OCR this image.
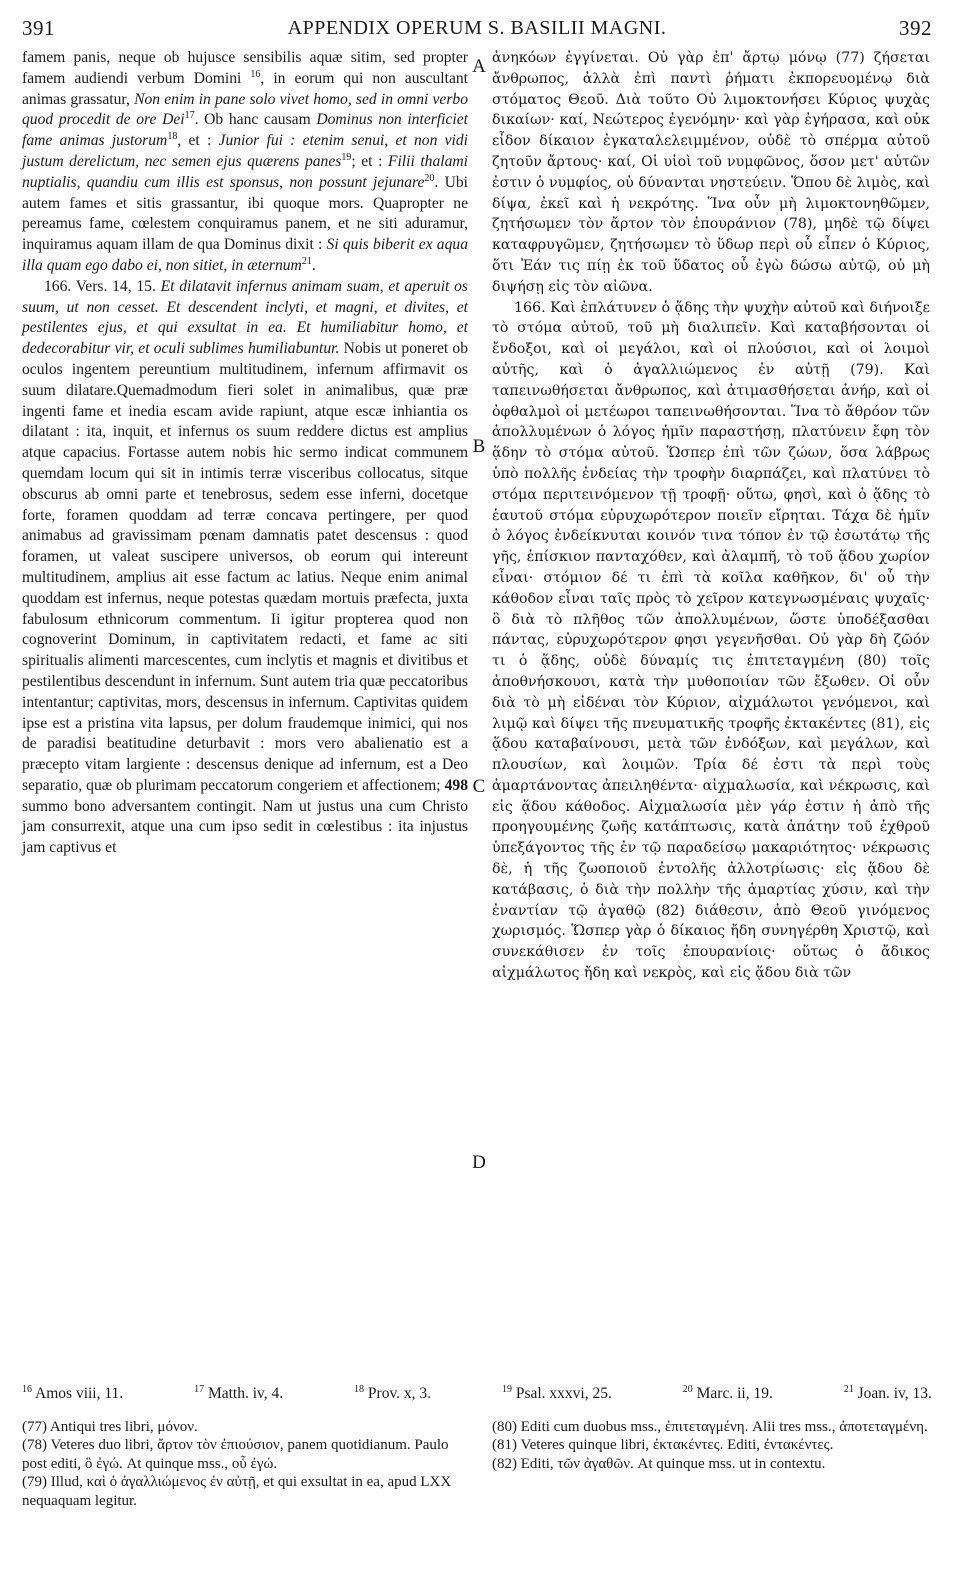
391	APPENDIX OPERUM S. BASILII MAGNI.	392

famem panis, neque ob hujusce sensibilis aquæ sitim, sed propter famem audiendi verbum Domini $^{16}$, in eorum qui non auscultant animas grassatur, Non enim in pane solo vivet homo, sed in omni verbo quod procedit de ore Dei$^{17}$. Ob hanc causam Dominus non interficiet fame animas justorum$^{18}$, et : Junior fui : etenim senui, et non vidi justum derelictum, nec semen ejus quærens panes$^{19}$; et : Filii thalami nuptialis, quandiu cum illis est sponsus, non possunt jejunare$^{20}$. Ubi autem fames et sitis grassantur, ibi quoque mors. Quapropter ne pereamus fame, cœlestem conquiramus panem, et ne siti aduramur, inquiramus aquam illam de qua Dominus dixit : Si quis biberit ex aqua illa quam ego dabo ei, non sitiet, in æternum$^{21}$.

166. Vers. 14, 15. Et dilatavit infernus animam suam, et aperuit os suum, ut non cesset. Et descendent inclyti, et magni, et divites, et pestilentes ejus, et qui exsultat in ea. Et humiliabitur homo, et dedecorabitur vir, et oculi sublimes humiliabuntur. Nobis ut poneret ob oculos ingentem pereuntium multitudinem, infernum affirmavit os suum dilatare.Quemadmodum fieri solet in animalibus, quæ præ ingenti fame et inedia escam avide rapiunt, atque escæ inhiantia os dilatant : ita, inquit, et infernus os suum reddere dictus est amplius atque capacius. Fortasse autem nobis hic sermo indicat communem quemdam locum qui sit in intimis terræ visceribus collocatus, sitque obscurus ab omni parte et tenebrosus, sedem esse inferni, docetque forte, foramen quoddam ad terræ concava pertingere, per quod animabus ad gravissimam pœnam damnatis patet descensus : quod foramen, ut valeat suscipere universos, ob eorum qui intereunt multitudinem, amplius ait esse factum ac latius. Neque enim animal quoddam est infernus, neque potestas quædam mortuis præfecta, juxta fabulosum ethnicorum commentum. Ii igitur propterea quod non cognoverint Dominum, in captivitatem redacti, et fame ac siti spiritualis alimenti marcescentes, cum inclytis et magnis et divitibus et pestilentibus descendunt in infernum. Sunt autem tria quæ peccatoribus intentantur; captivitas, mors, descensus in infernum. Captivitas quidem ipse est a pristina vita lapsus, per dolum fraudemque inimici, qui nos de paradisi beatitudine deturbavit : mors vero abalienatio est a præcepto vitam largiente : descensus denique ad infernum, est a Deo separatio, quæ ob plurimam peccatorum congeriem et affectionem; 498 summo bono adversantem contingit. Nam ut justus una cum Christo jam consurrexit, atque una cum ipso sedit in cœlestibus : ita injustus jam captivus et

A
B
C
D

ἀνηκόων ἐγγίνεται. Οὐ γὰρ ἐπ' ἄρτῳ μόνῳ (77) ζήσεται ἄνθρωπος, ἀλλὰ ἐπὶ παντὶ ῥήματι ἐκπορευομένῳ διὰ στόματος Θεοῦ. Διὰ τοῦτο Οὐ λιμοκτονήσει Κύριος ψυχὰς δικαίων· καί, Νεώτερος ἐγενόμην· καὶ γὰρ ἐγήρασα, καὶ οὐκ εἶδον δίκαιον ἐγκαταλελειμμένον, οὐδὲ τὸ σπέρμα αὐτοῦ ζητοῦν ἄρτους· καί, Οἱ υἱοὶ τοῦ νυμφῶνος, ὅσον μετ' αὐτῶν ἐστιν ὁ νυμφίος, οὐ δύνανται νηστεύειν. Ὅπου δὲ λιμὸς, καὶ δίψα, ἐκεῖ καὶ ἡ νεκρότης. Ἵνα οὖν μὴ λιμοκτονηθῶμεν, ζητήσωμεν τὸν ἄρτον τὸν ἐπουράνιον (78), μηδὲ τῷ δίψει καταφρυγῶμεν, ζητήσωμεν τὸ ὕδωρ περὶ οὗ εἶπεν ὁ Κύριος, ὅτι Ἐάν τις πίῃ ἐκ τοῦ ὕδατος οὗ ἐγὼ δώσω αὐτῷ, οὐ μὴ διψήσῃ εἰς τὸν αἰῶνα.

166. Καὶ ἐπλάτυνεν ὁ ᾅδης τὴν ψυχὴν αὐτοῦ καὶ διήνοιξε τὸ στόμα αὐτοῦ, τοῦ μὴ διαλιπεῖν. Καὶ καταβήσονται οἱ ἔνδοξοι, καὶ οἱ μεγάλοι, καὶ οἱ πλούσιοι, καὶ οἱ λοιμοὶ αὐτῆς, καὶ ὁ ἀγαλλιώμενος ἐν αὐτῇ (79). Καὶ ταπεινωθήσεται ἄνθρωπος, καὶ ἀτιμασθήσεται ἀνήρ, καὶ οἱ ὀφθαλμοὶ οἱ μετέωροι ταπεινωθήσονται. Ἵνα τὸ ἄθρόον τῶν ἀπολλυμένων ὁ λόγος ἡμῖν παραστήσῃ, πλατύνειν ἔφη τὸν ᾅδην τὸ στόμα αὐτοῦ. Ὥσπερ ἐπὶ τῶν ζώων, ὅσα λάβρως ὑπὸ πολλῆς ἐνδείας τὴν τροφὴν διαρπάζει, καὶ πλατύνει τὸ στόμα περιτεινόμενον τῇ τροφῇ· οὕτω, φησὶ, καὶ ὁ ᾅδης τὸ ἑαυτοῦ στόμα εὐρυχωρότερον ποιεῖν εἴρηται. Τάχα δὲ ἡμῖν ὁ λόγος ἐνδείκνυται κοινόν τινα τόπον ἐν τῷ ἐσωτάτῳ τῆς γῆς, ἐπίσκιον πανταχόθεν, καὶ ἀλαμπῆ, τὸ τοῦ ᾅδου χωρίον εἶναι· στόμιον δέ τι ἐπὶ τὰ κοῖλα καθῆκον, δι' οὗ τὴν κάθοδον εἶναι ταῖς πρὸς τὸ χεῖρον κατεγνωσμέναις ψυχαῖς· ὃ διὰ τὸ πλῆθος τῶν ἀπολλυμένων, ὥστε ὑποδέξασθαι πάντας, εὐρυχωρότερον φησι γεγενῆσθαι. Οὐ γὰρ δὴ ζῶόν τι ὁ ᾅδης, οὐδὲ δύναμίς τις ἐπιτεταγμένη (80) τοῖς ἀποθνήσκουσι, κατὰ τὴν μυθοποιίαν τῶν ἔξωθεν. Οἱ οὖν διὰ τὸ μὴ εἰδέναι τὸν Κύριον, αἰχμάλωτοι γενόμενοι, καὶ λιμῷ καὶ δίψει τῆς πνευματικῆς τροφῆς ἐκτακέντες (81), εἰς ᾅδου καταβαίνουσι, μετὰ τῶν ἐνδόξων, καὶ μεγάλων, καὶ πλουσίων, καὶ λοιμῶν. Τρία δέ ἐστι τὰ περὶ τοὺς ἁμαρτάνοντας ἀπειληθέντα· αἰχμαλωσία, καὶ νέκρωσις, καὶ εἰς ᾅδου κάθοδος. Αἰχμαλωσία μὲν γάρ ἐστιν ἡ ἀπὸ τῆς προηγουμένης ζωῆς κατάπτωσις, κατὰ ἀπάτην τοῦ ἐχθροῦ ὑπεξάγοντος τῆς ἐν τῷ παραδείσῳ μακαριότητος· νέκρωσις δὲ, ἡ τῆς ζωοποιοῦ ἐντολῆς ἀλλοτρίωσις· εἰς ᾅδου δὲ κατάβασις, ὁ διὰ τὴν πολλὴν τῆς ἁμαρτίας χύσιν, καὶ τὴν ἐναντίαν τῷ ἀγαθῷ (82) διάθεσιν, ἀπὸ Θεοῦ γινόμενος χωρισμός. Ὥσπερ γὰρ ὁ δίκαιος ἤδη συνηγέρθη Χριστῷ, καὶ συνεκάθισεν ἐν τοῖς ἐπουρανίοις· οὕτως ὁ ἄδικος αἰχμάλωτος ἤδη καὶ νεκρὸς, καὶ εἰς ᾅδου διὰ τῶν

$^{16}$ Amos viii, 11.	$^{17}$ Matth. iv, 4.	$^{18}$ Prov. x, 3.	$^{19}$ Psal. xxxvi, 25.	$^{20}$ Marc. ii, 19.	$^{21}$ Joan. iv, 13.

(77) Antiqui tres libri, μόνον.

(78) Veteres duo libri, ἄρτον τὸν ἐπιούσιον, panem quotidianum. Paulo post editi, ὃ ἐγώ. At quinque mss., οὗ ἐγώ.

(79) Illud, καὶ ὁ ἀγαλλιώμενος ἐν αὐτῇ, et qui exsultat in ea, apud LXX nequaquam legitur.

(80) Editi cum duobus mss., ἐπιτεταγμένη. Alii tres mss., ἀποτεταγμένη.

(81) Veteres quinque libri, ἐκτακέντες. Editi, ἐντακέντες.

(82) Editi, τῶν ἀγαθῶν. At quinque mss. ut in contextu.
